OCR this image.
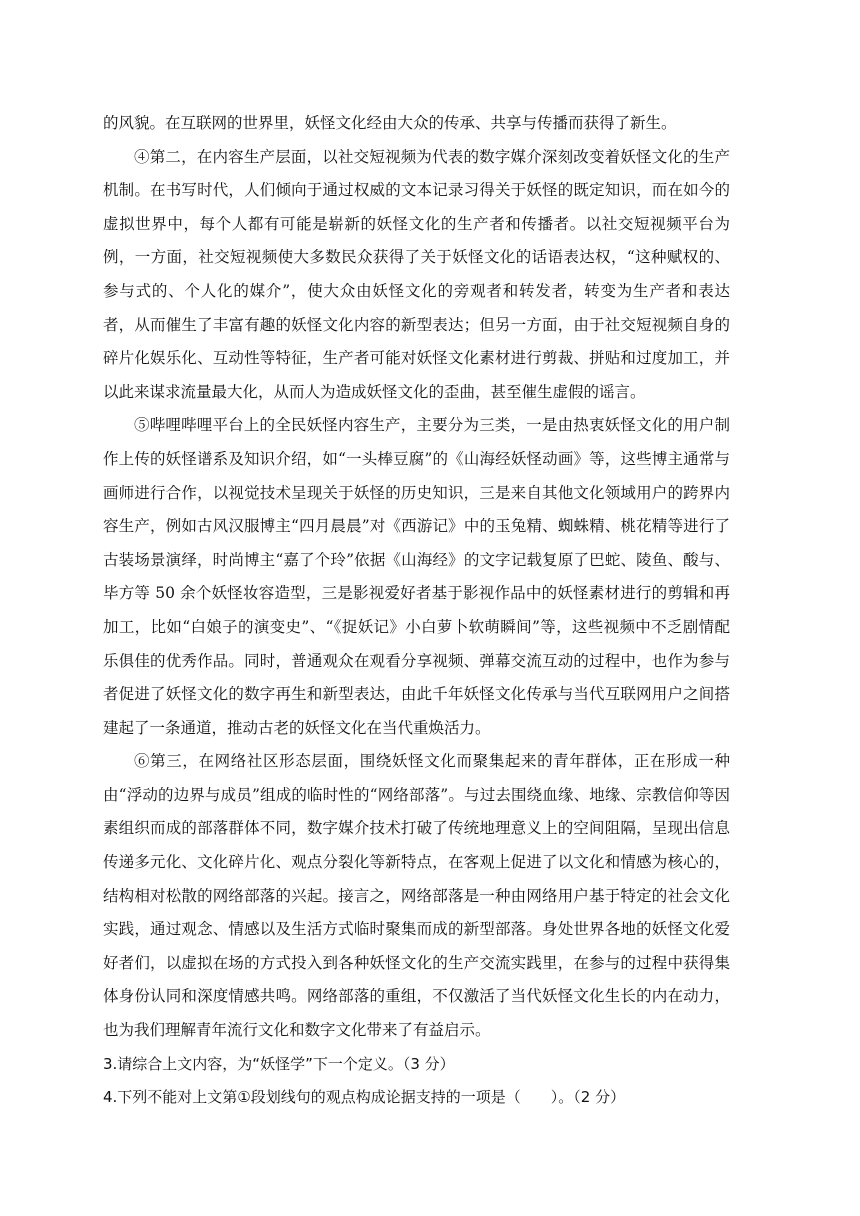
的风貌。在互联网的世界里，妖怪文化经由大众的传承、共享与传播而获得了新生。

④第二，在内容生产层面，以社交短视频为代表的数字媒介深刻改变着妖怪文化的生产机制。在书写时代，人们倾向于通过权威的文本记录习得关于妖怪的既定知识，而在如今的虚拟世界中，每个人都有可能是崭新的妖怪文化的生产者和传播者。以社交短视频平台为例，一方面，社交短视频使大多数民众获得了关于妖怪文化的话语表达权，“这种赋权的、参与式的、个人化的媒介”，使大众由妖怪文化的旁观者和转发者，转变为生产者和表达者，从而催生了丰富有趣的妖怪文化内容的新型表达；但另一方面，由于社交短视频自身的碎片化娱乐化、互动性等特征，生产者可能对妖怪文化素材进行剪裁、拼贴和过度加工，并以此来谋求流量最大化，从而人为造成妖怪文化的歪曲，甚至催生虚假的谣言。

⑤哔哩哔哩平台上的全民妖怪内容生产，主要分为三类，一是由热衷妖怪文化的用户制作上传的妖怪谱系及知识介绍，如“一头棒豆腐”的《山海经妖怪动画》等，这些博主通常与画师进行合作，以视觉技术呈现关于妖怪的历史知识，三是来自其他文化领域用户的跨界内容生产，例如古风汉服博主“四月晨晨”对《西游记》中的玉兔精、蜘蛛精、桃花精等进行了古装场景演绎，时尚博主“嘉了个玲”依据《山海经》的文字记载复原了巴蛇、陵鱼、酸与、毕方等 50 余个妖怪妆容造型，三是影视爱好者基于影视作品中的妖怪素材进行的剪辑和再加工，比如“白娘子的演变史”、“《捉妖记》小白萝卜软萌瞬间”等，这些视频中不乏剧情配乐俱佳的优秀作品。同时，普通观众在观看分享视频、弹幕交流互动的过程中，也作为参与者促进了妖怪文化的数字再生和新型表达，由此千年妖怪文化传承与当代互联网用户之间搭建起了一条通道，推动古老的妖怪文化在当代重焕活力。

⑥第三，在网络社区形态层面，围绕妖怪文化而聚集起来的青年群体，正在形成一种由“浮动的边界与成员”组成的临时性的“网络部落”。与过去围绕血缘、地缘、宗教信仰等因素组织而成的部落群体不同，数字媒介技术打破了传统地理意义上的空间阻隔，呈现出信息传递多元化、文化碎片化、观点分裂化等新特点，在客观上促进了以文化和情感为核心的，结构相对松散的网络部落的兴起。接言之，网络部落是一种由网络用户基于特定的社会文化实践，通过观念、情感以及生活方式临时聚集而成的新型部落。身处世界各地的妖怪文化爱好者们，以虚拟在场的方式投入到各种妖怪文化的生产交流实践里，在参与的过程中获得集体身份认同和深度情感共鸣。网络部落的重组，不仅激活了当代妖怪文化生长的内在动力，也为我们理解青年流行文化和数字文化带来了有益启示。

3.请综合上文内容，为“妖怪学”下一个定义。（3 分）

4.下列不能对上文第①段划线句的观点构成论据支持的一项是（　　）。（2 分）
